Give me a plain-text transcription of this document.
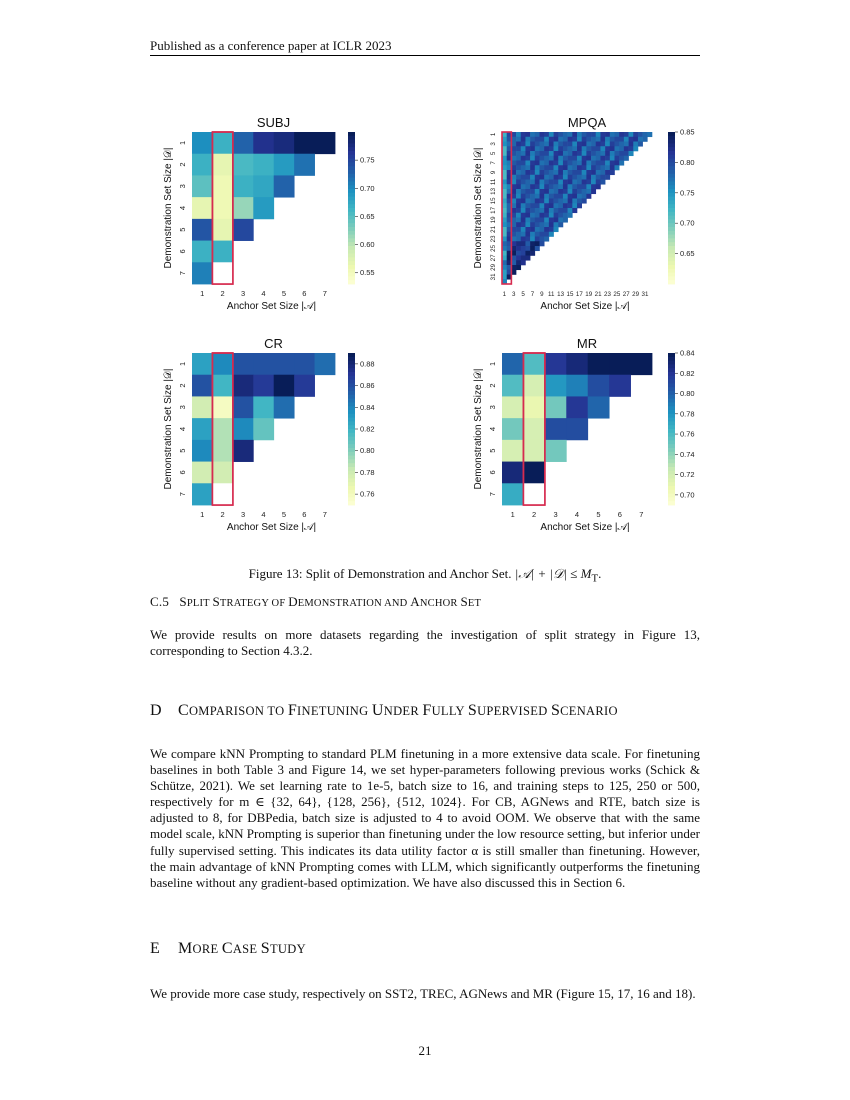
Published as a conference paper at ICLR 2023
SUBJ
1 2 3 4 5 6 7
1
2
3
4
5
6
7
Anchor Set Size |𝒜|
Demonstration Set Size |𝒟|	0.75
0.70
0.65
0.60
0.55
MPQA
1 3 5 7 9 11 13 15 17 19 21 23 25 27 29 31
1
3
5
7
9
11
13
15
17
19
21
23
25
27
29
31
Anchor Set Size |𝒜|
Demonstration Set Size |𝒟|
0.85
0.80
0.75
0.70
0.65
CR
1 2 3 4 5 6 7
1
2
3
4
5
6
7
Anchor Set Size |𝒜|
Demonstration Set Size |𝒟|
0.88
0.86
0.84
0.82
0.80
0.78
0.76
MR
1 2 3 4 5 6 7
1
2
3
4
5
6
7
Anchor Set Size |𝒜|
Demonstration Set Size |𝒟|
0.84
0.82
0.80
0.78
0.76
0.74
0.72
0.70
Figure 13: Split of Demonstration and Anchor Set. |𝒜| + |𝒟| ≤ $M_T$.
C.5 SPLIT STRATEGY OF DEMONSTRATION AND ANCHOR SET
We provide results on more datasets regarding the investigation of split strategy in Figure 13, corresponding to Section 4.3.2.
D COMPARISON TO FINETUNING UNDER FULLY SUPERVISED SCENARIO
We compare kNN Prompting to standard PLM finetuning in a more extensive data scale. For finetuning baselines in both Table 3 and Figure 14, we set hyper-parameters following previous works (Schick & Schütze, 2021). We set learning rate to 1e-5, batch size to 16, and training steps to 125, 250 or 500, respectively for m ∈ {32, 64}, {128, 256}, {512, 1024}. For CB, AGNews and RTE, batch size is adjusted to 8, for DBPedia, batch size is adjusted to 4 to avoid OOM. We observe that with the same model scale, kNN Prompting is superior than finetuning under the low resource setting, but inferior under fully supervised setting. This indicates its data utility factor α is still smaller than finetuning. However, the main advantage of kNN Prompting comes with LLM, which significantly outperforms the finetuning baseline without any gradient-based optimization. We have also discussed this in Section 6.
E MORE CASE STUDY
We provide more case study, respectively on SST2, TREC, AGNews and MR (Figure 15, 17, 16 and 18).
21
